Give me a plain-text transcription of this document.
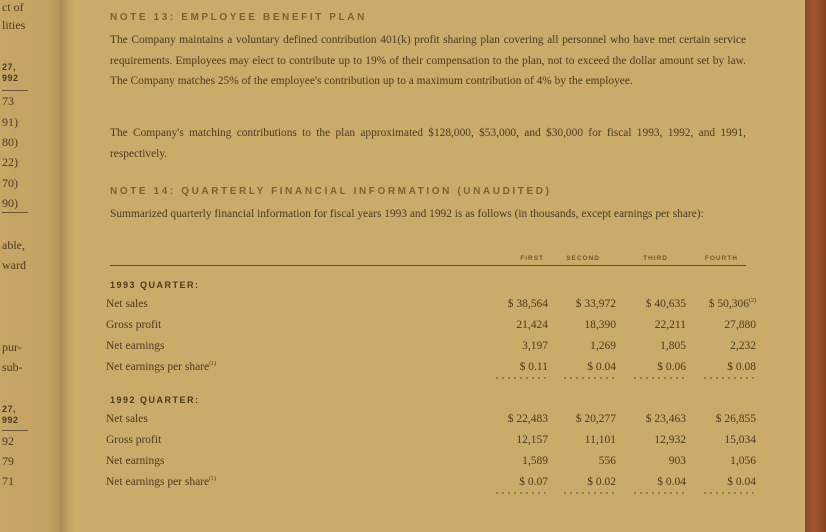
ct of
lities
27,
992
73
91)
80)
22)
70)
90)
able,
ward
pur-
sub-
27,
992
92
79
71
NOTE 13: EMPLOYEE BENEFIT PLAN
The Company maintains a voluntary defined contribution 401(k) profit sharing plan covering all personnel who have met certain service requirements. Employees may elect to contribute up to 19% of their compensation to the plan, not to exceed the dollar amount set by law. The Company matches 25% of the employee's contribution up to a maximum contribution of 4% by the employee.
The Company's matching contributions to the plan approximated $128,000, $53,000, and $30,000 for fiscal 1993, 1992, and 1991, respectively.
NOTE 14: QUARTERLY FINANCIAL INFORMATION (UNAUDITED)
Summarized quarterly financial information for fiscal years 1993 and 1992 is as follows (in thousands, except earnings per share):
FIRST	SECOND	THIRD	FOURTH
1993 QUARTER:
Net sales	$ 38,564	$ 33,972	$ 40,635	$ 50,306$^{(2)}$
Gross profit	21,424	18,390	22,211	27,880
Net earnings	3,197	1,269	1,805	2,232
Net earnings per share$^{(1)}$	$ 0.11	$ 0.04	$ 0.06	$ 0.08
1992 QUARTER:
Net sales	$ 22,483	$ 20,277	$ 23,463	$ 26,855
Gross profit	12,157	11,101	12,932	15,034
Net earnings	1,589	556	903	1,056
Net earnings per share$^{(1)}$	$ 0.07	$ 0.02	$ 0.04	$ 0.04
